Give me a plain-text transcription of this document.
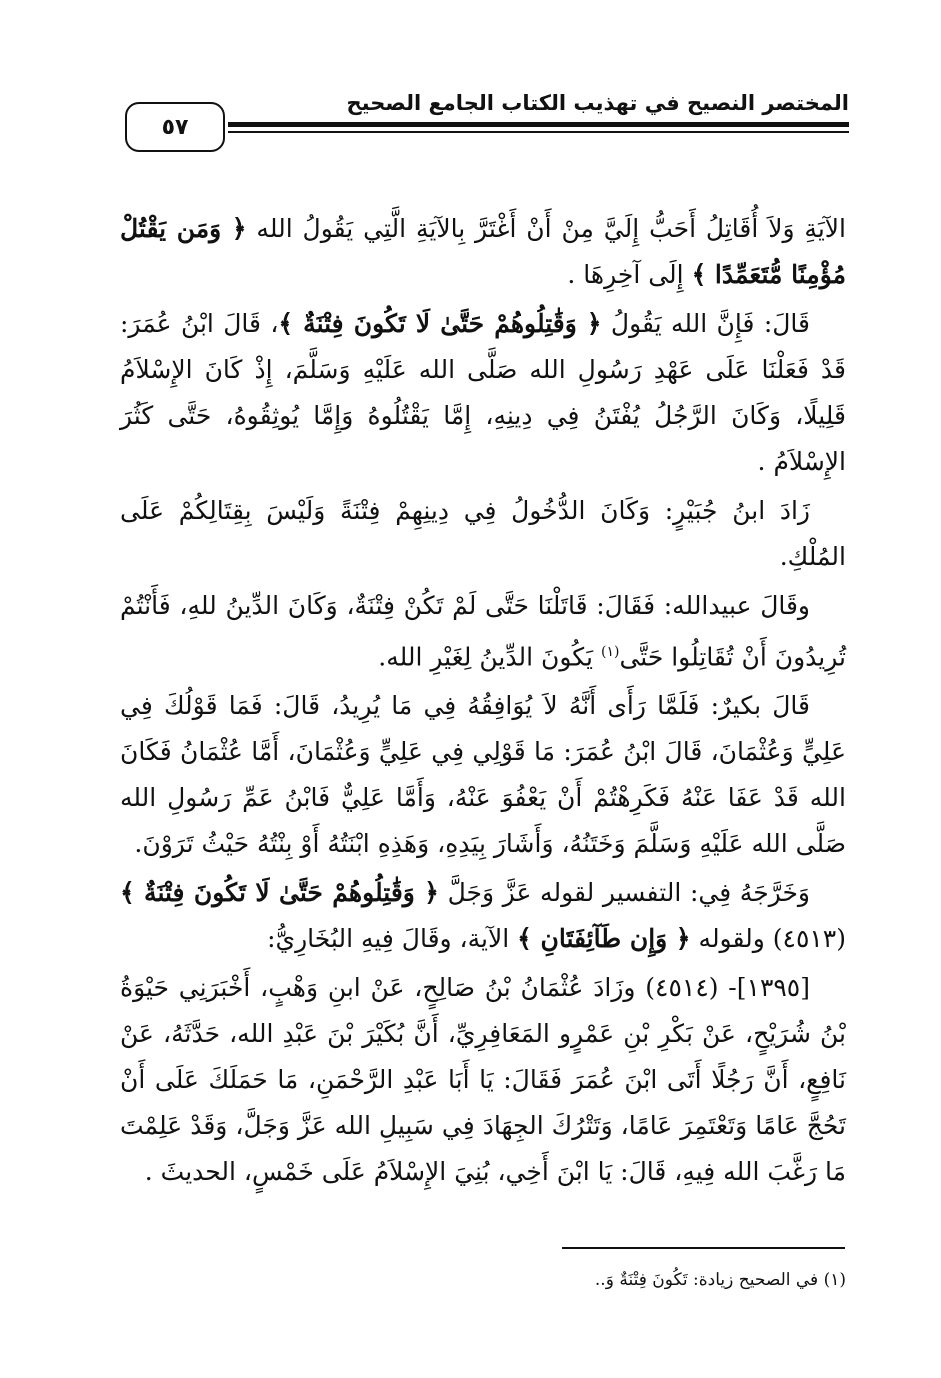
المختصر النصيح في تهذيب الكتاب الجامع الصحيح
٥٧

الآيَةِ وَلاَ أُقَاتِلُ أَحَبُّ إِلَيَّ مِنْ أَنْ أَغْتَرَّ بِالآيَةِ الَّتِي يَقُولُ الله ﴿ وَمَن يَقْتُلْ مُؤْمِنًا مُّتَعَمِّدًا ﴾ إِلَى آخِرِهَا .

قَالَ: فَإِنَّ الله يَقُولُ ﴿ وَقَٰتِلُوهُمْ حَتَّىٰ لَا تَكُونَ فِتْنَةٌ ﴾، قَالَ ابْنُ عُمَرَ: قَدْ فَعَلْنَا عَلَى عَهْدِ رَسُولِ الله صَلَّى الله عَلَيْهِ وَسَلَّمَ، إِذْ كَانَ الإِسْلاَمُ قَلِيلًا، وَكَانَ الرَّجُلُ يُفْتَنُ فِي دِينِهِ، إِمَّا يَقْتُلُوهُ وَإِمَّا يُوثِقُوهُ، حَتَّى كَثُرَ الإِسْلاَمُ .

زَادَ ابنُ جُبَيْرٍ: وَكَانَ الدُّخُولُ فِي دِينِهِمْ فِتْنَةً وَلَيْسَ بِقِتَالِكُمْ عَلَى المُلْكِ.

وقَالَ عبيدالله: فَقَالَ: قَاتَلْنَا حَتَّى لَمْ تَكُنْ فِتْنَةٌ، وَكَانَ الدِّينُ للهِ، فَأَنْتُمْ تُرِيدُونَ أَنْ تُقَاتِلُوا حَتَّى$^{(١)}$ يَكُونَ الدِّينُ لِغَيْرِ الله.

قَالَ بكيرٌ: فَلَمَّا رَأَى أَنَّهُ لاَ يُوَافِقُهُ فِي مَا يُرِيدُ، قَالَ: فَمَا قَوْلُكَ فِي عَلِيٍّ وَعُثْمَانَ، قَالَ ابْنُ عُمَرَ: مَا قَوْلِي فِي عَلِيٍّ وَعُثْمَانَ، أَمَّا عُثْمَانُ فَكَانَ الله قَدْ عَفَا عَنْهُ فَكَرِهْتُمْ أَنْ يَعْفُوَ عَنْهُ، وَأَمَّا عَلِيٌّ فَابْنُ عَمِّ رَسُولِ الله صَلَّى الله عَلَيْهِ وَسَلَّمَ وَخَتَنُهُ، وَأَشَارَ بِيَدِهِ، وَهَذِهِ ابْنَتُهُ أَوْ بِنْتُهُ حَيْثُ تَرَوْنَ.

وَخَرَّجَهُ فِي: التفسير لقوله عَزَّ وَجَلَّ ﴿ وَقَٰتِلُوهُمْ حَتَّىٰ لَا تَكُونَ فِتْنَةٌ ﴾ (٤٥١٣) ولقوله ﴿ وَإِن طَآئِفَتَانِ ﴾ الآية، وقَالَ فِيهِ البُخَارِيُّ:

[١٣٩٥]- (٤٥١٤) وزَادَ عُثْمَانُ بْنُ صَالِحٍ، عَنْ ابنِ وَهْبٍ، أَخْبَرَنِي حَيْوَةُ بْنُ شُرَيْحٍ، عَنْ بَكْرِ بْنِ عَمْرٍو المَعَافِرِيِّ، أَنَّ بُكَيْرَ بْنَ عَبْدِ الله، حَدَّثَهُ، عَنْ نَافِعٍ، أَنَّ رَجُلًا أَتَى ابْنَ عُمَرَ فَقَالَ: يَا أَبَا عَبْدِ الرَّحْمَنِ، مَا حَمَلَكَ عَلَى أَنْ تَحُجَّ عَامًا وَتَعْتَمِرَ عَامًا، وَتَتْرُكَ الجِهَادَ فِي سَبِيلِ الله عَزَّ وَجَلَّ، وَقَدْ عَلِمْتَ مَا رَغَّبَ الله فِيهِ، قَالَ: يَا ابْنَ أَخِي، بُنِيَ الإِسْلاَمُ عَلَى خَمْسٍ، الحديثَ .

(١) في الصحيح زيادة: تَكُونَ فِتْنَةٌ وَ..
